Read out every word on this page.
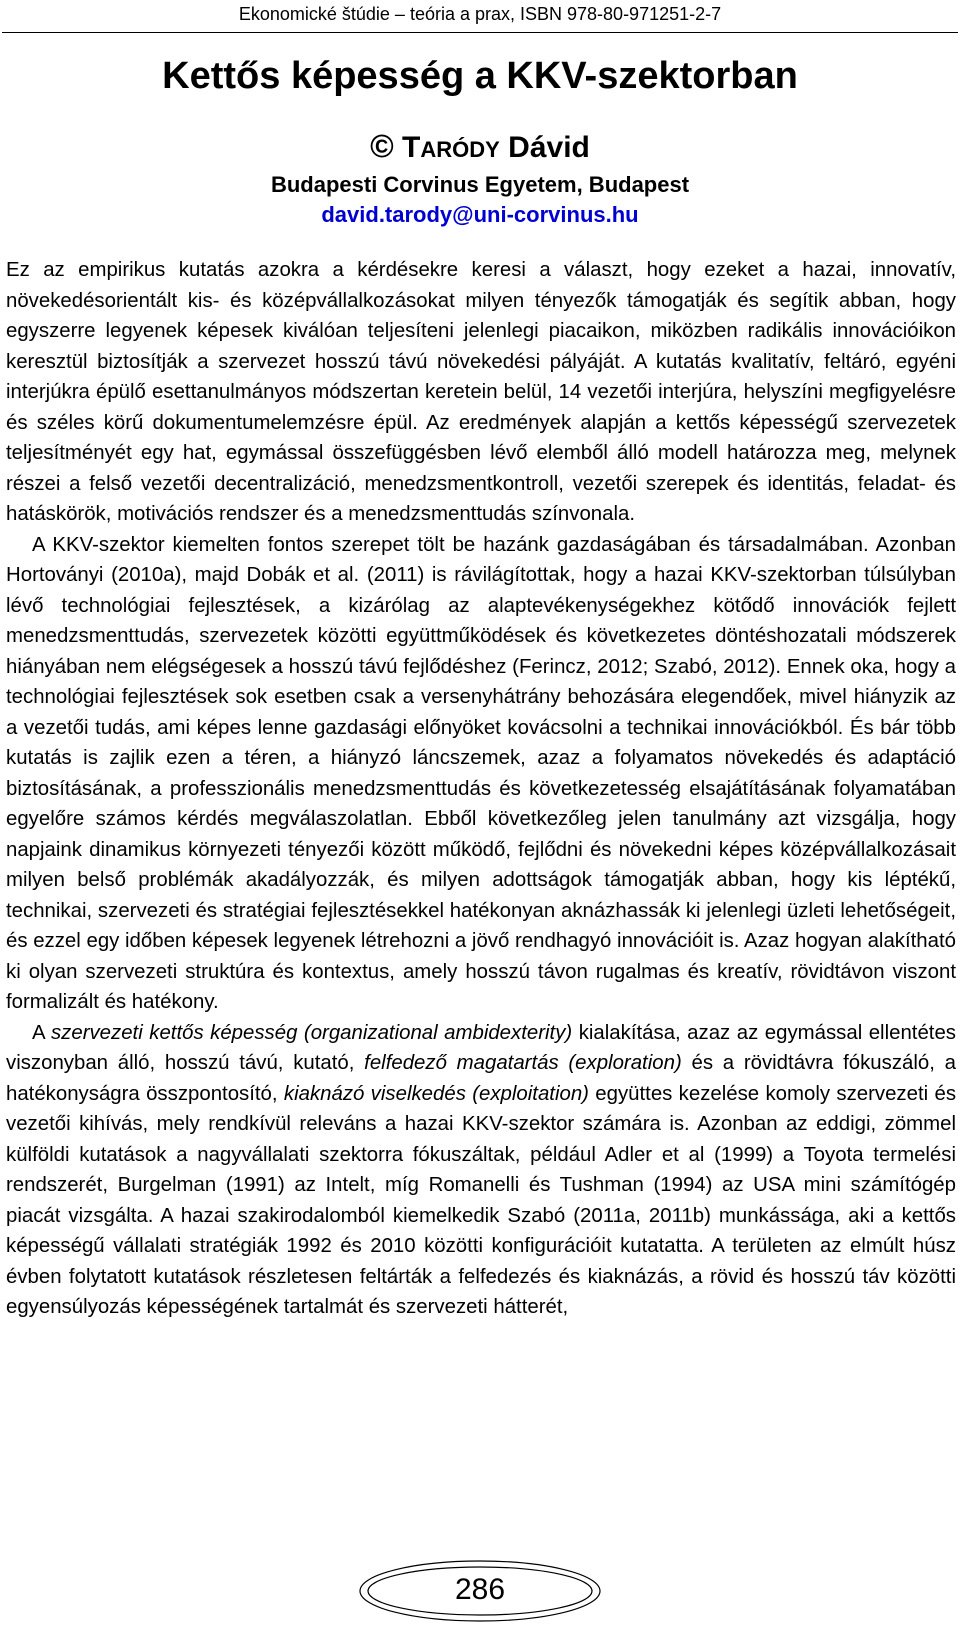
Ekonomické štúdie – teória a prax, ISBN 978-80-971251-2-7
Kettős képesség a KKV-szektorban
© TARÓDY Dávid
Budapesti Corvinus Egyetem, Budapest
david.tarody@uni-corvinus.hu

Ez az empirikus kutatás azokra a kérdésekre keresi a választ, hogy ezeket a hazai, innovatív, növekedésorientált kis- és középvállalkozásokat milyen tényezők támogatják és segítik abban, hogy egyszerre legyenek képesek kiválóan teljesíteni jelenlegi piacaikon, miközben radikális innovációikon keresztül biztosítják a szervezet hosszú távú növekedési pályáját. A kutatás kvalitatív, feltáró, egyéni interjúkra épülő esettanulmányos módszertan keretein belül, 14 vezetői interjúra, helyszíni megfigyelésre és széles körű dokumentumelemzésre épül. Az eredmények alapján a kettős képességű szervezetek teljesítményét egy hat, egymással összefüggésben lévő elemből álló modell határozza meg, melynek részei a felső vezetői decentralizáció, menedzsmentkontroll, vezetői szerepek és identitás, feladat- és hatáskörök, motivációs rendszer és a menedzsmenttudás színvonala.

A KKV-szektor kiemelten fontos szerepet tölt be hazánk gazdaságában és társadalmában. Azonban Hortoványi (2010a), majd Dobák et al. (2011) is rávilágítottak, hogy a hazai KKV-szektorban túlsúlyban lévő technológiai fejlesztések, a kizárólag az alaptevékenységekhez kötődő innovációk fejlett menedzsmenttudás, szervezetek közötti együttműködések és következetes döntéshozatali módszerek hiányában nem elégségesek a hosszú távú fejlődéshez (Ferincz, 2012; Szabó, 2012). Ennek oka, hogy a technológiai fejlesztések sok esetben csak a versenyhátrány behozására elegendőek, mivel hiányzik az a vezetői tudás, ami képes lenne gazdasági előnyöket kovácsolni a technikai innovációkból. És bár több kutatás is zajlik ezen a téren, a hiányzó láncszemek, azaz a folyamatos növekedés és adaptáció biztosításának, a professzionális menedzsmenttudás és következetesség elsajátításának folyamatában egyelőre számos kérdés megválaszolatlan. Ebből következőleg jelen tanulmány azt vizsgálja, hogy napjaink dinamikus környezeti tényezői között működő, fejlődni és növekedni képes középvállalkozásait milyen belső problémák akadályozzák, és milyen adottságok támogatják abban, hogy kis léptékű, technikai, szervezeti és stratégiai fejlesztésekkel hatékonyan aknázhassák ki jelenlegi üzleti lehetőségeit, és ezzel egy időben képesek legyenek létrehozni a jövő rendhagyó innovációit is. Azaz hogyan alakítható ki olyan szervezeti struktúra és kontextus, amely hosszú távon rugalmas és kreatív, rövidtávon viszont formalizált és hatékony.

A szervezeti kettős képesség (organizational ambidexterity) kialakítása, azaz az egymással ellentétes viszonyban álló, hosszú távú, kutató, felfedező magatartás (exploration) és a rövidtávra fókuszáló, a hatékonyságra összpontosító, kiaknázó viselkedés (exploitation) együttes kezelése komoly szervezeti és vezetői kihívás, mely rendkívül releváns a hazai KKV-szektor számára is. Azonban az eddigi, zömmel külföldi kutatások a nagyvállalati szektorra fókuszáltak, például Adler et al (1999) a Toyota termelési rendszerét, Burgelman (1991) az Intelt, míg Romanelli és Tushman (1994) az USA mini számítógép piacát vizsgálta. A hazai szakirodalomból kiemelkedik Szabó (2011a, 2011b) munkássága, aki a kettős képességű vállalati stratégiák 1992 és 2010 közötti konfigurációit kutatatta. A területen az elmúlt húsz évben folytatott kutatások részletesen feltárták a felfedezés és kiaknázás, a rövid és hosszú táv közötti egyensúlyozás képességének tartalmát és szervezeti hátterét,

286
